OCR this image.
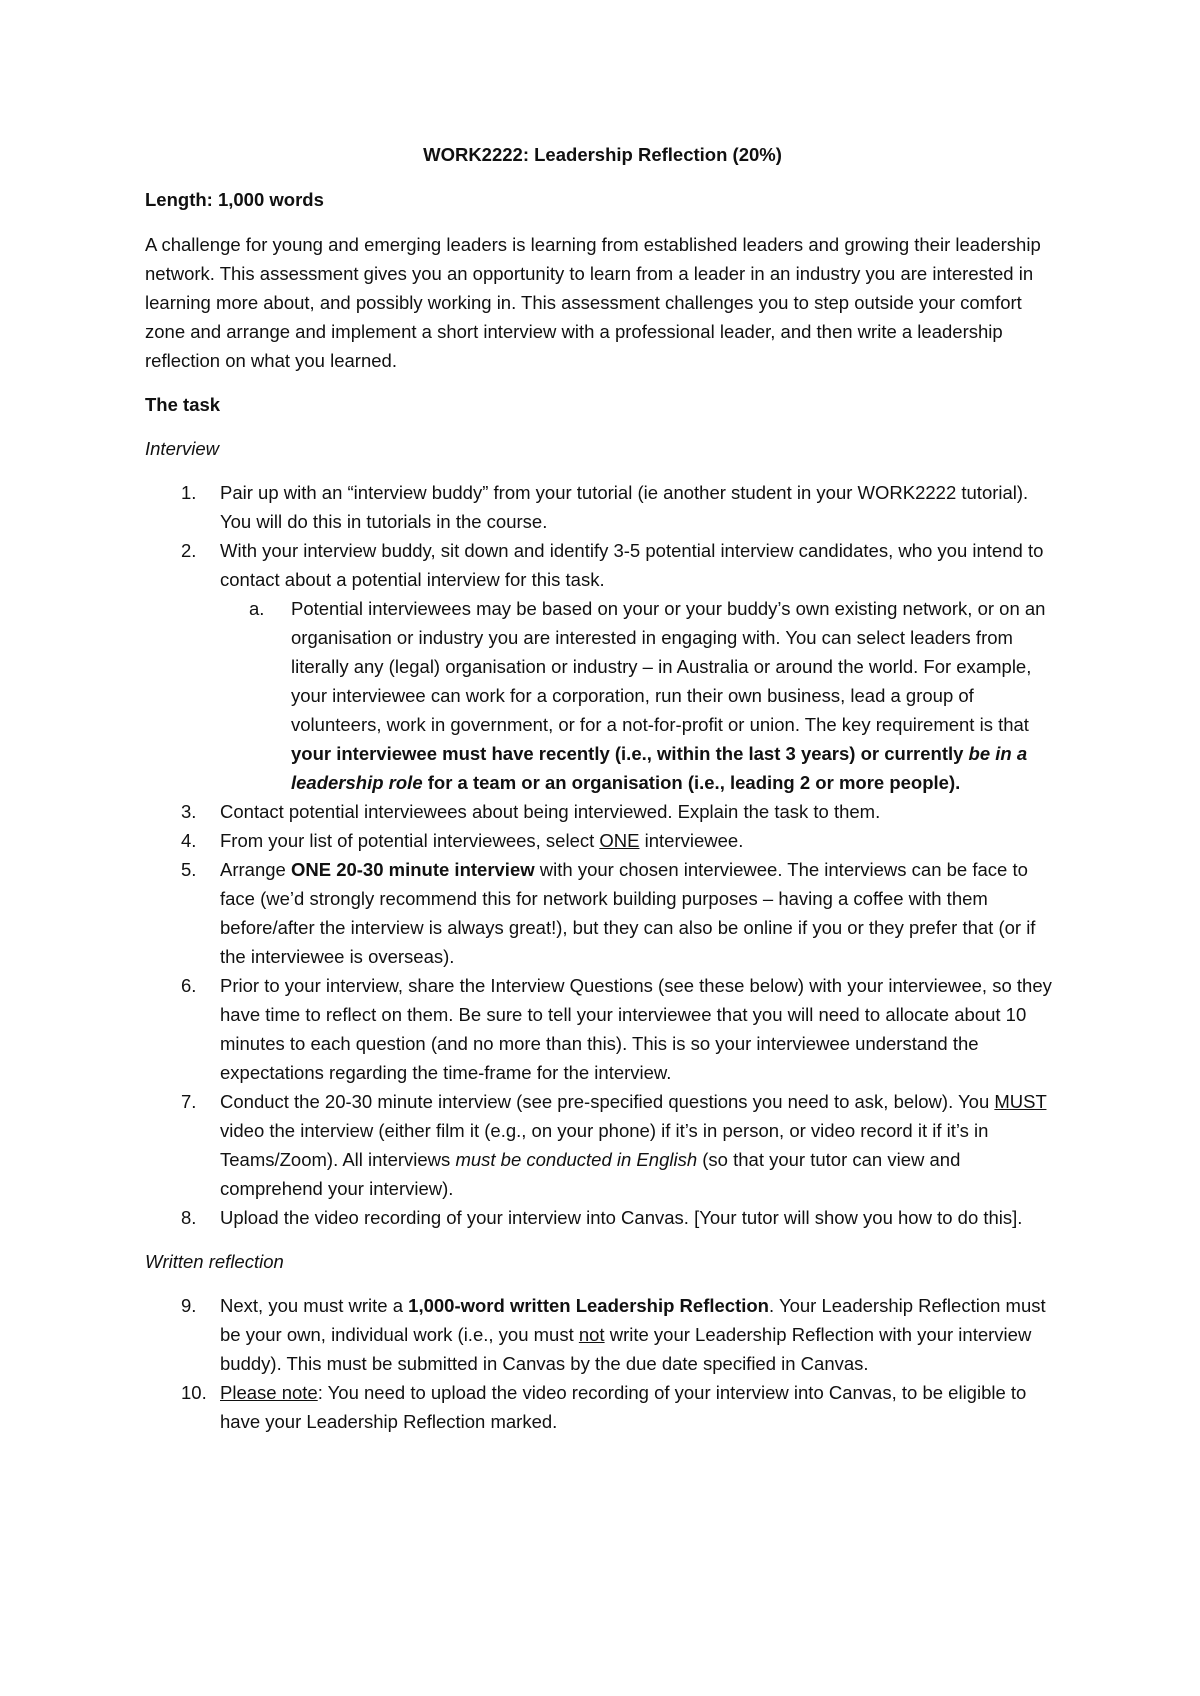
WORK2222: Leadership Reflection (20%)
Length: 1,000 words

A challenge for young and emerging leaders is learning from established leaders and growing their leadership network. This assessment gives you an opportunity to learn from a leader in an industry you are interested in learning more about, and possibly working in. This assessment challenges you to step outside your comfort zone and arrange and implement a short interview with a professional leader, and then write a leadership reflection on what you learned.

The task
Interview
1. Pair up with an “interview buddy” from your tutorial (ie another student in your WORK2222 tutorial). You will do this in tutorials in the course.
2. With your interview buddy, sit down and identify 3-5 potential interview candidates, who you intend to contact about a potential interview for this task.
a. Potential interviewees may be based on your or your buddy’s own existing network, or on an organisation or industry you are interested in engaging with. You can select leaders from literally any (legal) organisation or industry – in Australia or around the world. For example, your interviewee can work for a corporation, run their own business, lead a group of volunteers, work in government, or for a not-for-profit or union. The key requirement is that your interviewee must have recently (i.e., within the last 3 years) or currently be in a leadership role for a team or an organisation (i.e., leading 2 or more people).
3. Contact potential interviewees about being interviewed. Explain the task to them.
4. From your list of potential interviewees, select ONE interviewee.
5. Arrange ONE 20-30 minute interview with your chosen interviewee. The interviews can be face to face (we’d strongly recommend this for network building purposes – having a coffee with them before/after the interview is always great!), but they can also be online if you or they prefer that (or if the interviewee is overseas).
6. Prior to your interview, share the Interview Questions (see these below) with your interviewee, so they have time to reflect on them. Be sure to tell your interviewee that you will need to allocate about 10 minutes to each question (and no more than this). This is so your interviewee understand the expectations regarding the time-frame for the interview.
7. Conduct the 20-30 minute interview (see pre-specified questions you need to ask, below). You MUST video the interview (either film it (e.g., on your phone) if it’s in person, or video record it if it’s in Teams/Zoom). All interviews must be conducted in English (so that your tutor can view and comprehend your interview).
8. Upload the video recording of your interview into Canvas. [Your tutor will show you how to do this].
Written reflection
9. Next, you must write a 1,000-word written Leadership Reflection. Your Leadership Reflection must be your own, individual work (i.e., you must not write your Leadership Reflection with your interview buddy). This must be submitted in Canvas by the due date specified in Canvas.
10. Please note: You need to upload the video recording of your interview into Canvas, to be eligible to have your Leadership Reflection marked.
